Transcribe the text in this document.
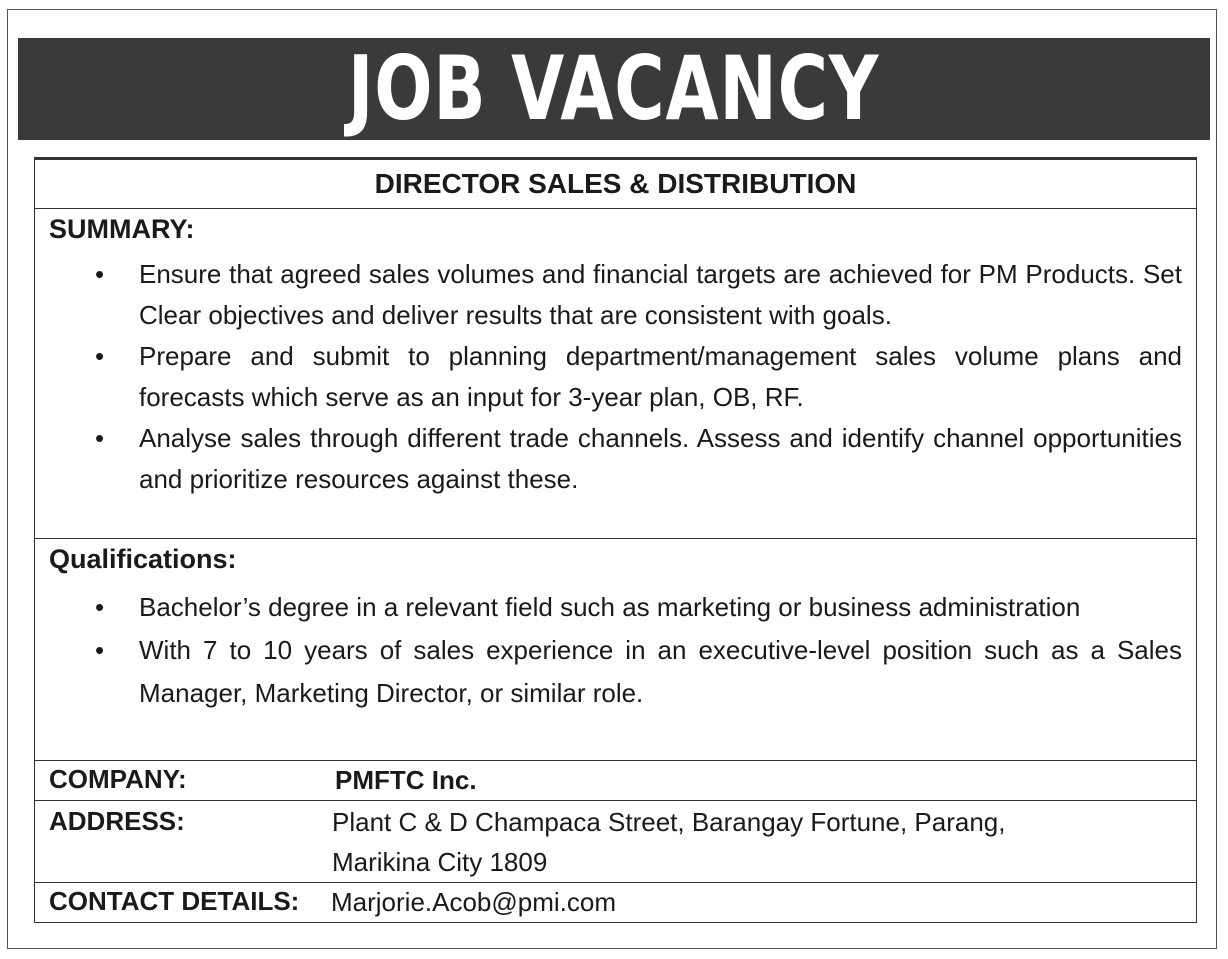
JOB VACANCY
DIRECTOR SALES & DISTRIBUTION
SUMMARY:
• Ensure that agreed sales volumes and financial targets are achieved for PM Products. Set Clear objectives and deliver results that are consistent with goals.
• Prepare and submit to planning department/management sales volume plans and forecasts which serve as an input for 3-year plan, OB, RF.
• Analyse sales through different trade channels. Assess and identify channel opportunities and prioritize resources against these.
Qualifications:
• Bachelor’s degree in a relevant field such as marketing or business administration
• With 7 to 10 years of sales experience in an executive-level position such as a Sales Manager, Marketing Director, or similar role.
COMPANY:	PMFTC Inc.
ADDRESS:	Plant C & D Champaca Street, Barangay Fortune, Parang,
Marikina City 1809
CONTACT DETAILS: Marjorie.Acob@pmi.com
